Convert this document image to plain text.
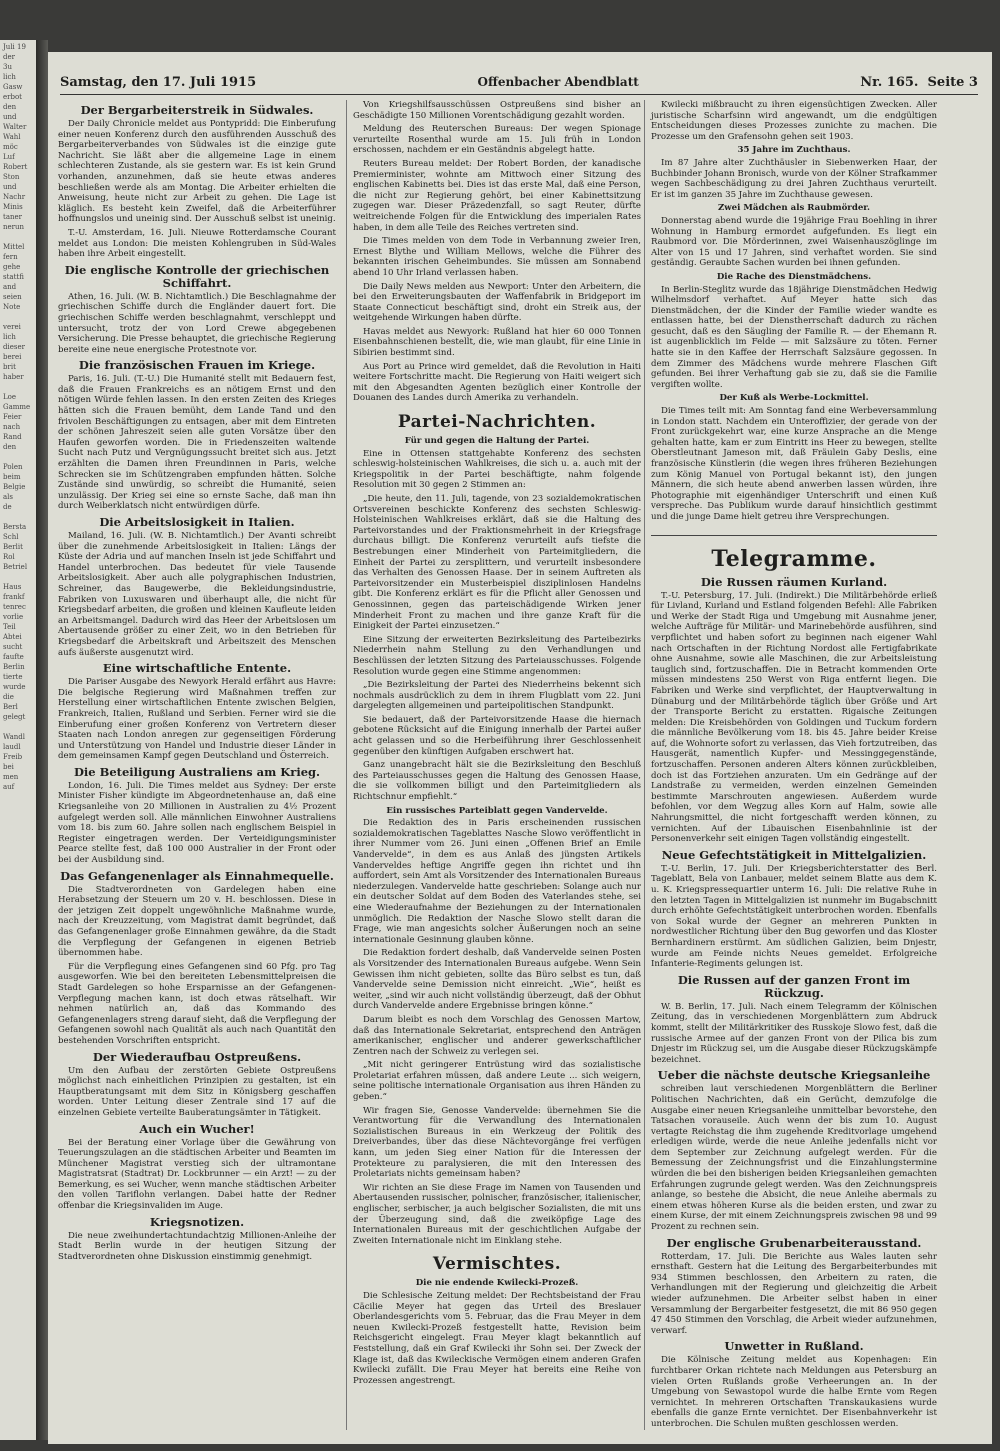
Juli 19
der
3u
lich
Gasw
erbot
den
und
Walter
Wahl
möc
Luf
Robert
Ston
und
Nachr
Minis
taner
nerun

Mittel
fern
gehe
stattfi
and
seien
Note

verei
lich
dieser
berei
brit
haber

Loe
Gamme
Feier
nach
Rand
den

Polen
beim
Belgie
als
de

Bersta
Schl
Berlit
Rol
Betriel

Haus
frankf
tenrec
vorlie
Teil
Abtei
sucht
faufte
Berlin
tierte
wurde
die
Berl
gelegt

Wandl
laudl
Freib
bei
men
auf
Samstag, den 17. Juli 1915	Offenbacher Abendblatt	Nr. 165. Seite 3
Der Bergarbeiterstreik in Südwales.

Der Daily Chronicle meldet aus Pontypridd: Die Einberufung einer neuen Konferenz durch den ausführenden Ausschuß des Bergarbeiterverbandes von Südwales ist die einzige gute Nachricht. Sie läßt aber die allgemeine Lage in einem schlechteren Zustande, als sie gestern war. Es ist kein Grund vorhanden, anzunehmen, daß sie heute etwas anderes beschließen werde als am Montag. Die Arbeiter erhielten die Anweisung, heute nicht zur Arbeit zu gehen. Die Lage ist kläglich. Es besteht kein Zweifel, daß die Arbeiterführer hoffnungslos und uneinig sind. Der Ausschuß selbst ist uneinig.

T.-U. Amsterdam, 16. Juli. Nieuwe Rotterdamsche Courant meldet aus London: Die meisten Kohlengruben in Süd-Wales haben ihre Arbeit eingestellt.

Die englische Kontrolle der griechischen Schiffahrt.

Athen, 16. Juli. (W. B. Nichtamtlich.) Die Beschlagnahme der griechischen Schiffe durch die Engländer dauert fort. Die griechischen Schiffe werden beschlagnahmt, verschleppt und untersucht, trotz der von Lord Crewe abgegebenen Versicherung. Die Presse behauptet, die griechische Regierung bereite eine neue energische Protestnote vor.

Die französischen Frauen im Kriege.

Paris, 16. Juli. (T.-U.) Die Humanité stellt mit Bedauern fest, daß die Frauen Frankreichs es an nötigem Ernst und den nötigen Würde fehlen lassen. In den ersten Zeiten des Krieges hätten sich die Frauen bemüht, dem Lande Tand und den frivolen Beschäftigungen zu entsagen, aber mit dem Eintreten der schönen Jahreszeit seien alle guten Vorsätze über den Haufen geworfen worden. Die in Friedenszeiten waltende Sucht nach Putz und Vergnügungssucht breitet sich aus. Jetzt erzählten die Damen ihren Freundinnen in Paris, welche Schrecken sie im Schützengraben empfunden hätten. Solche Zustände sind unwürdig, so schreibt die Humanité, seien unzulässig. Der Krieg sei eine so ernste Sache, daß man ihn durch Weiberklatsch nicht entwürdigen dürfe.

Die Arbeitslosigkeit in Italien.

Mailand, 16. Juli. (W. B. Nichtamtlich.) Der Avanti schreibt über die zunehmende Arbeitslosigkeit in Italien: Längs der Küste der Adria und auf manchen Inseln ist jede Schiffahrt und Handel unterbrochen. Das bedeutet für viele Tausende Arbeitslosigkeit. Aber auch alle polygraphischen Industrien, Schreiner, das Baugewerbe, die Bekleidungsindustrie, Fabriken von Luxuswaren und überhaupt alle, die nicht für Kriegsbedarf arbeiten, die großen und kleinen Kaufleute leiden an Arbeitsmangel. Dadurch wird das Heer der Arbeitslosen um Abertausende größer zu einer Zeit, wo in den Betrieben für Kriegsbedarf die Arbeitskraft und Arbeitszeit des Menschen aufs äußerste ausgenutzt wird.

Eine wirtschaftliche Entente.

Die Pariser Ausgabe des Newyork Herald erfährt aus Havre: Die belgische Regierung wird Maßnahmen treffen zur Herstellung einer wirtschaftlichen Entente zwischen Belgien, Frankreich, Italien, Rußland und Serbien. Ferner wird sie die Einberufung einer großen Konferenz von Vertretern dieser Staaten nach London anregen zur gegenseitigen Förderung und Unterstützung von Handel und Industrie dieser Länder in dem gemeinsamen Kampf gegen Deutschland und Österreich.

Die Beteiligung Australiens am Krieg.

London, 16. Juli. Die Times meldet aus Sydney: Der erste Minister Fisher kündigte im Abgeordnetenhause an, daß eine Kriegsanleihe von 20 Millionen in Australien zu 4½ Prozent aufgelegt werden soll. Alle männlichen Einwohner Australiens vom 18. bis zum 60. Jahre sollen nach englischem Beispiel in Register eingetragen werden. Der Verteidigungsminister Pearce stellte fest, daß 100 000 Australier in der Front oder bei der Ausbildung sind.

Das Gefangenenlager als Einnahmequelle.

Die Stadtverordneten von Gardelegen haben eine Herabsetzung der Steuern um 20 v. H. beschlossen. Diese in der jetzigen Zeit doppelt ungewöhnliche Maßnahme wurde, nach der Kreuzzeitung, vom Magistrat damit begründet, daß das Gefangenenlager große Einnahmen gewähre, da die Stadt die Verpflegung der Gefangenen in eigenen Betrieb übernommen habe.

Für die Verpflegung eines Gefangenen sind 60 Pfg. pro Tag ausgeworfen. Wie bei den bereiteten Lebensmittelpreisen die Stadt Gardelegen so hohe Ersparnisse an der Gefangenen-Verpflegung machen kann, ist doch etwas rätselhaft. Wir nehmen natürlich an, daß das Kommando des Gefangenenlagers streng darauf sieht, daß die Verpflegung der Gefangenen sowohl nach Qualität als auch nach Quantität den bestehenden Vorschriften entspricht.

Der Wiederaufbau Ostpreußens.

Um den Aufbau der zerstörten Gebiete Ostpreußens möglichst nach einheitlichen Prinzipien zu gestalten, ist ein Hauptberatungsamt mit dem Sitz in Königsberg geschaffen worden. Unter Leitung dieser Zentrale sind 17 auf die einzelnen Gebiete verteilte Bauberatungsämter in Tätigkeit.

Auch ein Wucher!

Bei der Beratung einer Vorlage über die Gewährung von Teuerungszulagen an die städtischen Arbeiter und Beamten im Münchener Magistrat verstieg sich der ultramontane Magistratsrat (Stadtrat) Dr. Lockbrunner — ein Arzt! — zu der Bemerkung, es sei Wucher, wenn manche städtischen Arbeiter den vollen Tariflohn verlangen. Dabei hatte der Redner offenbar die Kriegsinvaliden im Auge.

Kriegsnotizen.

Die neue zweihundertachtundachtzig Millionen-Anleihe der Stadt Berlin wurde in der heutigen Sitzung der Stadtverordneten ohne Diskussion einstimmig genehmigt.

Von Kriegshilfsausschüssen Ostpreußens sind bisher an Geschädigte 150 Millionen Vorentschädigung gezahlt worden.

Meldung des Reuterschen Bureaus: Der wegen Spionage verurteilte Rosenthal wurde am 15. Juli früh in London erschossen, nachdem er ein Geständnis abgelegt hatte.

Reuters Bureau meldet: Der Robert Borden, der kanadische Premierminister, wohnte am Mittwoch einer Sitzung des englischen Kabinetts bei. Dies ist das erste Mal, daß eine Person, die nicht zur Regierung gehört, bei einer Kabinettsitzung zugegen war. Dieser Präzedenzfall, so sagt Reuter, dürfte weitreichende Folgen für die Entwicklung des imperialen Rates haben, in dem alle Teile des Reiches vertreten sind.

Die Times melden von dem Tode in Verbannung zweier Iren, Ernest Blythe und William Mellows, welche die Führer des bekannten irischen Geheimbundes. Sie müssen am Sonnabend abend 10 Uhr Irland verlassen haben.

Die Daily News melden aus Newport: Unter den Arbeitern, die bei den Erweiterungsbauten der Waffenfabrik in Bridgeport im Staate Connecticut beschäftigt sind, droht ein Streik aus, der weitgehende Wirkungen haben dürfte.

Havas meldet aus Newyork: Rußland hat hier 60 000 Tonnen Eisenbahnschienen bestellt, die, wie man glaubt, für eine Linie in Sibirien bestimmt sind.

Aus Port au Prince wird gemeldet, daß die Revolution in Haiti weitere Fortschritte macht. Die Regierung von Haiti weigert sich mit den Abgesandten Agenten bezüglich einer Kontrolle der Douanen des Landes durch Amerika zu verhandeln.

Partei-Nachrichten.
Für und gegen die Haltung der Partei.

Eine in Ottensen stattgehabte Konferenz des sechsten schleswig-holsteinischen Wahlkreises, die sich u. a. auch mit der Kriegspolitik in der Partei beschäftigte, nahm folgende Resolution mit 30 gegen 2 Stimmen an:

„Die heute, den 11. Juli, tagende, von 23 sozialdemokratischen Ortsvereinen beschickte Konferenz des sechsten Schleswig-Holsteinischen Wahlkreises erklärt, daß sie die Haltung des Parteivorstandes und der Fraktionsmehrheit in der Kriegsfrage durchaus billigt. Die Konferenz verurteilt aufs tiefste die Bestrebungen einer Minderheit von Parteimitgliedern, die Einheit der Partei zu zersplittern, und verurteilt insbesondere das Verhalten des Genossen Haase. Der in seinem Auftreten als Parteivorsitzender ein Musterbeispiel disziplinlosen Handelns gibt. Die Konferenz erklärt es für die Pflicht aller Genossen und Genossinnen, gegen das parteischädigende Wirken jener Minderheit Front zu machen und ihre ganze Kraft für die Einigkeit der Partei einzusetzen.“

Eine Sitzung der erweiterten Bezirksleitung des Parteibezirks Niederrhein nahm Stellung zu den Verhandlungen und Beschlüssen der letzten Sitzung des Parteiausschusses. Folgende Resolution wurde gegen eine Stimme angenommen:

„Die Bezirksleitung der Partei des Niederrheins bekennt sich nochmals ausdrücklich zu dem in ihrem Flugblatt vom 22. Juni dargelegten allgemeinen und parteipolitischen Standpunkt.

Sie bedauert, daß der Parteivorsitzende Haase die hiernach gebotene Rücksicht auf die Einigung innerhalb der Partei außer acht gelassen und so die Herbeiführung ihrer Geschlossenheit gegenüber den künftigen Aufgaben erschwert hat.

Ganz unangebracht hält sie die Bezirksleitung den Beschluß des Parteiausschusses gegen die Haltung des Genossen Haase, die sie vollkommen billigt und den Parteimitgliedern als Richtschnur empfiehlt.“

Ein russisches Parteiblatt gegen Vandervelde.

Die Redaktion des in Paris erscheinenden russischen sozialdemokratischen Tageblattes Nasche Slowo veröffentlicht in ihrer Nummer vom 26. Juni einen „Offenen Brief an Emile Vandervelde“, in dem es aus Anlaß des jüngsten Artikels Vanderveldes heftige Angriffe gegen ihn richtet und ihn auffordert, sein Amt als Vorsitzender des Internationalen Bureaus niederzulegen. Vandervelde hatte geschrieben: Solange auch nur ein deutscher Soldat auf dem Boden des Vaterlandes stehe, sei eine Wiederaufnahme der Beziehungen zu der Internationalen unmöglich. Die Redaktion der Nasche Slowo stellt daran die Frage, wie man angesichts solcher Äußerungen noch an seine internationale Gesinnung glauben könne.

Die Redaktion fordert deshalb, daß Vandervelde seinen Posten als Vorsitzender des Internationalen Bureaus aufgebe. Wenn Sein Gewissen ihm nicht gebieten, sollte das Büro selbst es tun, daß Vandervelde seine Demission nicht einreicht. „Wie“, heißt es weiter, „sind wir auch nicht vollständig überzeugt, daß der Obhut durch Vandervelde andere Ergebnisse bringen könne.“

Darum bleibt es noch dem Vorschlag des Genossen Martow, daß das Internationale Sekretariat, entsprechend den Anträgen amerikanischer, englischer und anderer gewerkschaftlicher Zentren nach der Schweiz zu verlegen sei.

„Mit nicht geringerer Entrüstung wird das sozialistische Proletariat erfahren müssen, daß andere Leute ... sich weigern, seine politische internationale Organisation aus ihren Händen zu geben.“

Wir fragen Sie, Genosse Vandervelde: übernehmen Sie die Verantwortung für die Verwandlung des Internationalen Sozialistischen Bureaus in ein Werkzeug der Politik des Dreiverbandes, über das diese Nächtevorgänge frei verfügen kann, um jeden Sieg einer Nation für die Interessen der Protekteure zu paralysieren, die mit den Interessen des Proletariats nichts gemeinsam haben?

Wir richten an Sie diese Frage im Namen von Tausenden und Abertausenden russischer, polnischer, französischer, italienischer, englischer, serbischer, ja auch belgischer Sozialisten, die mit uns der Überzeugung sind, daß die zweiköpfige Lage des Internationalen Bureaus mit der geschichtlichen Aufgabe der Zweiten Internationale nicht im Einklang stehe.

Vermischtes.
Die nie endende Kwilecki-Prozeß.

Die Schlesische Zeitung meldet: Der Rechtsbeistand der Frau Cäcilie Meyer hat gegen das Urteil des Breslauer Oberlandesgerichts vom 5. Februar, das die Frau Meyer in dem neuen Kwilecki-Prozeß festgestellt hatte, Revision beim Reichsgericht eingelegt. Frau Meyer klagt bekanntlich auf Feststellung, daß ein Graf Kwilecki ihr Sohn sei. Der Zweck der Klage ist, daß das Kwileckische Vermögen einem anderen Grafen Kwilecki zufällt. Die Frau Meyer hat bereits eine Reihe von Prozessen angestrengt.

Kwilecki mißbraucht zu ihren eigensüchtigen Zwecken. Aller juristische Scharfsinn wird angewandt, um die endgültigen Entscheidungen dieses Prozesses zunichte zu machen. Die Prozesse um den Grafensohn gehen seit 1903.

35 Jahre im Zuchthaus.

Im 87 Jahre alter Zuchthäusler in Siebenwerken Haar, der Buchbinder Johann Bronisch, wurde von der Kölner Strafkammer wegen Sachbeschädigung zu drei Jahren Zuchthaus verurteilt. Er ist im ganzen 35 Jahre im Zuchthause gewesen.

Zwei Mädchen als Raubmörder.

Donnerstag abend wurde die 19jährige Frau Boehling in ihrer Wohnung in Hamburg ermordet aufgefunden. Es liegt ein Raubmord vor. Die Mörderinnen, zwei Waisenhauszöglinge im Alter von 15 und 17 Jahren, sind verhaftet worden. Sie sind geständig. Geraubte Sachen wurden bei ihnen gefunden.

Die Rache des Dienstmädchens.

In Berlin-Steglitz wurde das 18jährige Dienstmädchen Hedwig Wilhelmsdorf verhaftet. Auf Meyer hatte sich das Dienstmädchen, der die Kinder der Familie wieder wandte es entlassen hatte, bei der Dienstherrschaft dadurch zu rächen gesucht, daß es den Säugling der Familie R. — der Ehemann R. ist augenblicklich im Felde — mit Salzsäure zu töten. Ferner hatte sie in den Kaffee der Herrschaft Salzsäure gegossen. In dem Zimmer des Mädchens wurde mehrere Flaschen Gift gefunden. Bei ihrer Verhaftung gab sie zu, daß sie die Familie vergiften wollte.

Der Kuß als Werbe-Lockmittel.

Die Times teilt mit: Am Sonntag fand eine Werbeversammlung in London statt. Nachdem ein Unteroffizier, der gerade von der Front zurückgekehrt war, eine kurze Ansprache an die Menge gehalten hatte, kam er zum Eintritt ins Heer zu bewegen, stellte Oberstleutnant Jameson mit, daß Fräulein Gaby Deslis, eine französische Künstlerin (die wegen ihres früheren Beziehungen zum König Manuel von Portugal bekannt ist), den jungen Männern, die sich heute abend anwerben lassen würden, ihre Photographie mit eigenhändiger Unterschrift und einen Kuß verspreche. Das Publikum wurde darauf hinsichtlich gestimmt und die junge Dame hielt getreu ihre Versprechungen.

Telegramme.
Die Russen räumen Kurland.

T.-U. Petersburg, 17. Juli. (Indirekt.) Die Militärbehörde erließ für Livland, Kurland und Estland folgenden Befehl: Alle Fabriken und Werke der Stadt Riga und Umgebung mit Ausnahme jener, welche Aufträge für Militär- und Marinebehörde ausführen, sind verpflichtet und haben sofort zu beginnen nach eigener Wahl nach Ortschaften in der Richtung Nordost alle Fertigfabrikate ohne Ausnahme, sowie alle Maschinen, die zur Arbeitsleistung tauglich sind, fortzuschaffen. Die in Betracht kommenden Orte müssen mindestens 250 Werst von Riga entfernt liegen. Die Fabriken und Werke sind verpflichtet, der Hauptverwaltung in Dünaburg und der Militärbehörde täglich über Größe und Art der Transporte Bericht zu erstatten. Rigaische Zeitungen melden: Die Kreisbehörden von Goldingen und Tuckum fordern die männliche Bevölkerung vom 18. bis 45. Jahre beider Kreise auf, die Wohnorte sofort zu verlassen, das Vieh fortzutreiben, das Hausgerät, namentlich Kupfer- und Messinggegenstände, fortzuschaffen. Personen anderen Alters können zurückbleiben, doch ist das Fortziehen anzuraten. Um ein Gedränge auf der Landstraße zu vermeiden, werden einzelnen Gemeinden bestimmte Marschrouten angewiesen. Außerdem wurde befohlen, vor dem Wegzug alles Korn auf Halm, sowie alle Nahrungsmittel, die nicht fortgeschafft werden können, zu vernichten. Auf der Libauischen Eisenbahnlinie ist der Personenverkehr seit einigen Tagen vollständig eingestellt.

Neue Gefechtstätigkeit in Mittelgalizien.

T.-U. Berlin, 17. Juli. Der Kriegsberichterstatter des Berl. Tageblatt, Bela von Lanbauer, meldet seinem Blatte aus dem K. u. K. Kriegspressequartier unterm 16. Juli: Die relative Ruhe in den letzten Tagen in Mittelgalizien ist nunmehr im Bugabschnitt durch erhöhte Gefechtstätigkeit unterbrochen worden. Ebenfalls von Sokal wurde der Gegner an mehreren Punkten in nordwestlicher Richtung über den Bug geworfen und das Kloster Bernhardinern erstürmt. Am südlichen Galizien, beim Dnjestr, wurde am Feinde nichts Neues gemeldet. Erfolgreiche Infanterie-Regiments gelungen ist.

Die Russen auf der ganzen Front im Rückzug.

W. B. Berlin, 17. Juli. Nach einem Telegramm der Kölnischen Zeitung, das in verschiedenen Morgenblättern zum Abdruck kommt, stellt der Militärkritiker des Russkoje Slowo fest, daß die russische Armee auf der ganzen Front von der Pilica bis zum Dnjestr im Rückzug sei, um die Ausgabe dieser Rückzugskämpfe bezeichnet.

Ueber die nächste deutsche Kriegsanleihe

schreiben laut verschiedenen Morgenblättern die Berliner Politischen Nachrichten, daß ein Gerücht, demzufolge die Ausgabe einer neuen Kriegsanleihe unmittelbar bevorstehe, den Tatsachen vorauseile. Auch wenn der bis zum 10. August vertagte Reichstag die ihm zugehende Kreditvorlage umgehend erledigen würde, werde die neue Anleihe jedenfalls nicht vor dem September zur Zeichnung aufgelegt werden. Für die Bemessung der Zeichnungsfrist und die Einzahlungstermine würden die bei den bisherigen beiden Kriegsanleihen gemachten Erfahrungen zugrunde gelegt werden. Was den Zeichnungspreis anlange, so bestehe die Absicht, die neue Anleihe abermals zu einem etwas höheren Kurse als die beiden ersten, und zwar zu einem Kurse, der mit einem Zeichnungspreis zwischen 98 und 99 Prozent zu rechnen sein.

Der englische Grubenarbeiterausstand.

Rotterdam, 17. Juli. Die Berichte aus Wales lauten sehr ernsthaft. Gestern hat die Leitung des Bergarbeiterbundes mit 934 Stimmen beschlossen, den Arbeitern zu raten, die Verhandlungen mit der Regierung und gleichzeitig die Arbeit wieder aufzunehmen. Die Arbeiter selbst haben in einer Versammlung der Bergarbeiter festgesetzt, die mit 86 950 gegen 47 450 Stimmen den Vorschlag, die Arbeit wieder aufzunehmen, verwarf.

Unwetter in Rußland.

Die Kölnische Zeitung meldet aus Kopenhagen: Ein furchtbarer Orkan richtete nach Meldungen aus Petersburg an vielen Orten Rußlands große Verheerungen an. In der Umgebung von Sewastopol wurde die halbe Ernte vom Regen vernichtet. In mehreren Ortschaften Transkaukasiens wurde ebenfalls die ganze Ernte vernichtet. Der Eisenbahnverkehr ist unterbrochen. Die Schulen mußten geschlossen werden.
